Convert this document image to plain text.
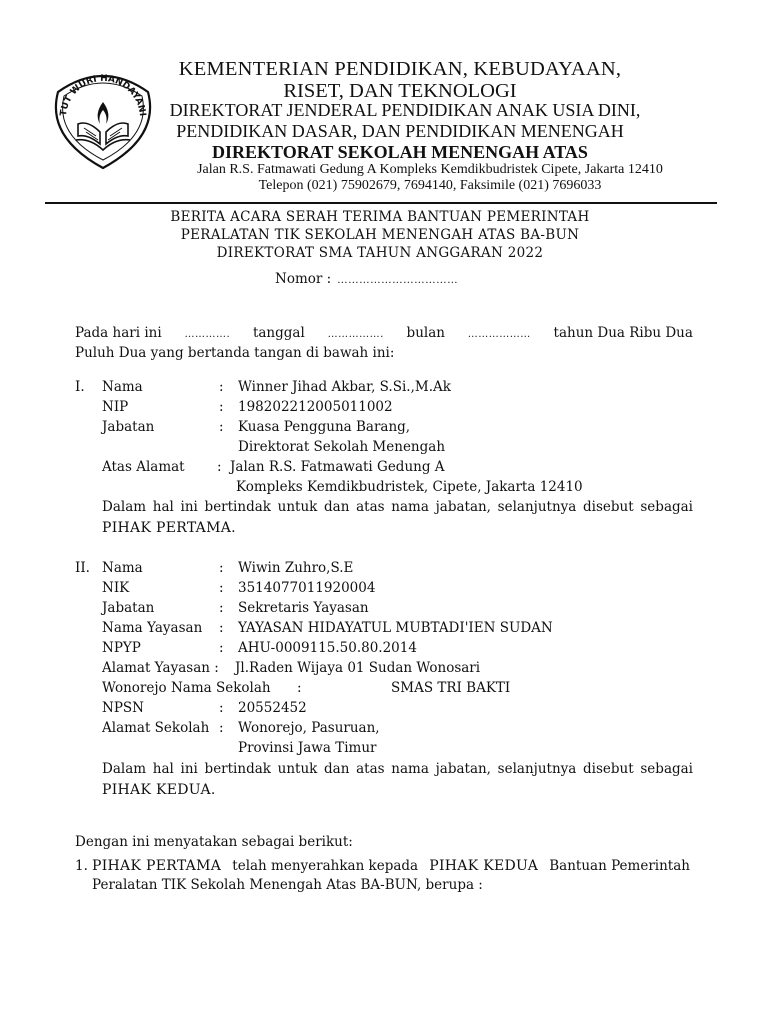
TUT WURI HANDAYANI
KEMENTERIAN PENDIDIKAN, KEBUDAYAAN,
RISET, DAN TEKNOLOGI
DIREKTORAT JENDERAL PENDIDIKAN ANAK USIA DINI,
PENDIDIKAN DASAR, DAN PENDIDIKAN MENENGAH
DIREKTORAT SEKOLAH MENENGAH ATAS
Jalan R.S. Fatmawati Gedung A Kompleks Kemdikbudristek Cipete, Jakarta 12410
Telepon (021) 75902679, 7694140, Faksimile (021) 7696033
BERITA ACARA SERAH TERIMA BANTUAN PEMERINTAH
PERALATAN TIK SEKOLAH MENENGAH ATAS BA-BUN
DIREKTORAT SMA TAHUN ANGGARAN 2022
Nomor : ……………………………
Pada hari ini …………. tanggal ……………. bulan ……………… tahun Dua Ribu Dua
Puluh Dua yang bertanda tangan di bawah ini:
I. Nama	: Winner Jihad Akbar, S.Si.,M.Ak
NIP	: 198202212005011002
Jabatan	: Kuasa Pengguna Barang,
Direktorat Sekolah Menengah
Atas Alamat : Jalan R.S. Fatmawati Gedung A
Kompleks Kemdikbudristek, Cipete, Jakarta 12410
Dalam hal ini bertindak untuk dan atas nama jabatan, selanjutnya disebut sebagai
PIHAK PERTAMA.
II. Nama	: Wiwin Zuhro,S.E
NIK	: 3514077011920004
Jabatan	: Sekretaris Yayasan
Nama Yayasan : YAYASAN HIDAYATUL MUBTADI'IEN SUDAN
NPYP	: AHU-0009115.50.80.2014
Alamat Yayasan : Jl.Raden Wijaya 01 Sudan Wonosari
Wonorejo Nama Sekolah :	SMAS TRI BAKTI
NPSN	: 20552452
Alamat Sekolah : Wonorejo, Pasuruan,
Provinsi Jawa Timur
Dalam hal ini bertindak untuk dan atas nama jabatan, selanjutnya disebut sebagai
PIHAK KEDUA.
Dengan ini menyatakan sebagai berikut:
1. PIHAK PERTAMA telah menyerahkan kepada PIHAK KEDUA Bantuan Pemerintah
Peralatan TIK Sekolah Menengah Atas BA-BUN, berupa :
